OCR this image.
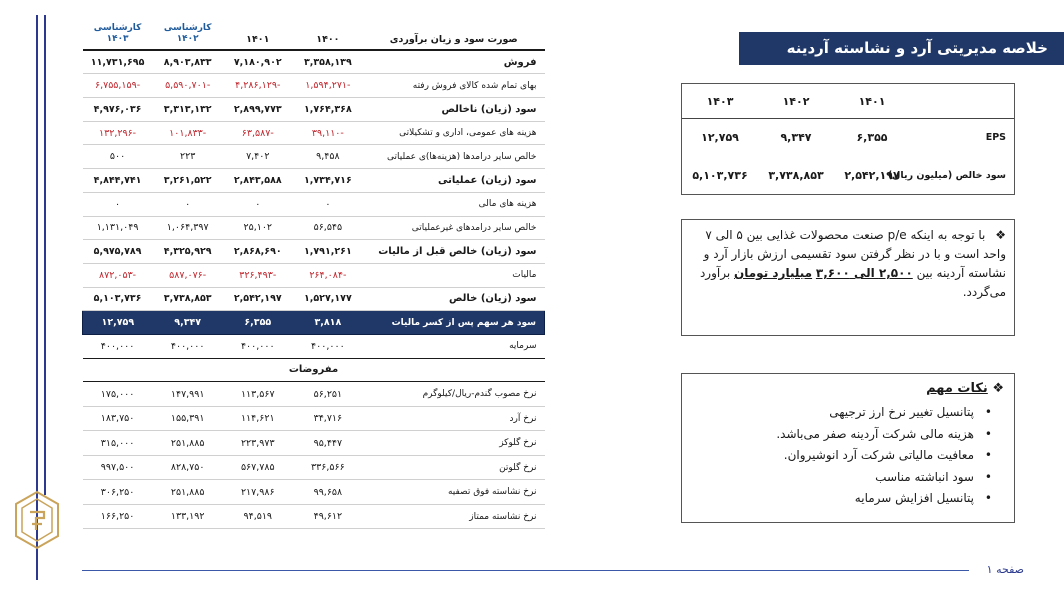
صورت سود و زیان برآوردی	۱۴۰۰	۱۴۰۱	کارشناسی ۱۴۰۲	کارشناسی ۱۴۰۳
فروش	۳,۳۵۸,۱۳۹	۷,۱۸۰,۹۰۲	۸,۹۰۳,۸۳۳	۱۱,۷۳۱,۶۹۵
بهای تمام شده کالای فروش رفته	-۱,۵۹۴,۲۷۱	-۴,۲۸۶,۱۲۹	-۵,۵۹۰,۷۰۱	-۶,۷۵۵,۱۵۹
سود (زیان) ناخالص	۱,۷۶۴,۳۶۸	۲,۸۹۹,۷۷۳	۳,۳۱۳,۱۳۲	۴,۹۷۶,۰۳۶
هزینه های عمومی، اداری و تشکیلاتی	-۳۹,۱۱۰	-۶۳,۵۸۷	-۱۰۱,۸۳۳	-۱۳۲,۲۹۶
خالص سایر درامدها (هزینه‌ها)ی عملیاتی	۹,۴۵۸	۷,۴۰۲	۲۲۳	۵۰۰
سود (زیان) عملیاتی	۱,۷۳۴,۷۱۶	۲,۸۴۳,۵۸۸	۳,۲۶۱,۵۲۲	۴,۸۴۴,۷۴۱
هزینه های مالی	۰	۰	۰	۰
خالص سایر درامدهای غیرعملیاتی	۵۶,۵۴۵	۲۵,۱۰۲	۱,۰۶۴,۳۹۷	۱,۱۳۱,۰۴۹
سود (زیان) خالص قبل از مالیات	۱,۷۹۱,۲۶۱	۲,۸۶۸,۶۹۰	۴,۳۲۵,۹۲۹	۵,۹۷۵,۷۸۹
مالیات	-۲۶۴,۰۸۴	-۳۲۶,۴۹۳	-۵۸۷,۰۷۶	-۸۷۲,۰۵۳
سود (زیان) خالص	۱,۵۲۷,۱۷۷	۲,۵۴۲,۱۹۷	۳,۷۳۸,۸۵۳	۵,۱۰۳,۷۳۶
سود هر سهم پس از کسر مالیات	۳,۸۱۸	۶,۳۵۵	۹,۳۴۷	۱۲,۷۵۹
سرمایه	۴۰۰,۰۰۰	۴۰۰,۰۰۰	۴۰۰,۰۰۰	۴۰۰,۰۰۰
مفروضات				
نرخ مصوب گندم-ریال/کیلوگرم	۵۶,۲۵۱	۱۱۳,۵۶۷	۱۴۷,۹۹۱	۱۷۵,۰۰۰
نرخ آرد	۳۴,۷۱۶	۱۱۴,۶۲۱	۱۵۵,۳۹۱	۱۸۳,۷۵۰
نرخ گلوکز	۹۵,۴۴۷	۲۲۳,۹۷۳	۲۵۱,۸۸۵	۳۱۵,۰۰۰
نرخ گلوتن	۳۳۶,۵۶۶	۵۶۷,۷۸۵	۸۲۸,۷۵۰	۹۹۷,۵۰۰
نرخ نشاسته فوق تصفیه	۹۹,۶۵۸	۲۱۷,۹۸۶	۲۵۱,۸۸۵	۳۰۶,۲۵۰
نرخ نشاسته ممتاز	۴۹,۶۱۲	۹۴,۵۱۹	۱۳۳,۱۹۲	۱۶۶,۲۵۰
خلاصه مدیریتی آرد و نشاسته آردینه
	۱۴۰۱	۱۴۰۲	۱۴۰۳
EPS	۶,۳۵۵	۹,۳۴۷	۱۲,۷۵۹
سود خالص (میلیون ریال)	۲,۵۴۲,۱۹۷	۳,۷۳۸,۸۵۳	۵,۱۰۳,۷۳۶
❖ با توجه به اینکه p/e صنعت محصولات غذایی بین ۵ الی ۷ واحد است و با در نظر گرفتن سود تقسیمی ارزش بازار آرد و نشاسته آردینه بین ۲,۵۰۰ الی ۳,۶۰۰ میلیارد تومان برآورد می‌گردد.
❖ نکات مهم
• پتانسیل تغییر نرخ ارز ترجیهی
• هزینه مالی شرکت آردینه صفر می‌باشد.
• معافیت مالیاتی شرکت آرد انوشیروان.
• سود انباشته مناسب
• پتانسیل افزایش سرمایه
صفحه ۱
